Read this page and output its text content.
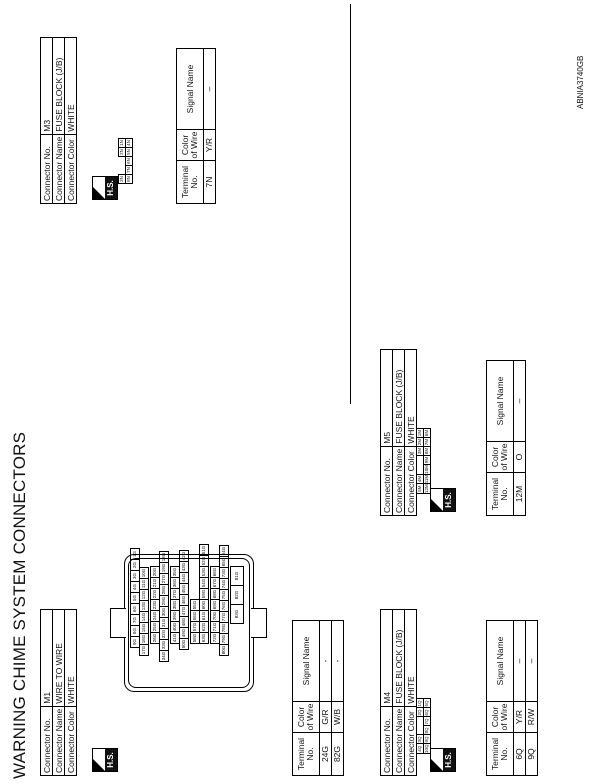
WARNING CHIME SYSTEM CONNECTORS
ABNIA3740GB
Connector No.	M1
Connector Name	WIRE TO WIRE
Connector Color	WHITE
H.S.
9G
8G
7G
6G
5G
4G
3G
2G
1G
17G
16G
15G
14G
13G
12G
11G
10G
26G
25G
24G
23G
22G
21G
20G
34G
33G
32G
31G
30G
29G
28G
27G
19G
18G
41G
40G
39G
38G
37G
36G
35G
50G
49G
48G
47G
46G
45G
44G
43G
42G
58G
57G
56G
55G
63G
62G
61G
60G
59G
54G
53G
52G
51G
72G
71G
70G
69G
68G
67G
66G
80G
79G
78G
77G
76G
75G
74G
73G
65G
64G
83G
82G
81G
Terminal No.	Color of Wire	Signal Name
24G	G/R	-
82G	W/B	-
Connector No.	M3
Connector Name	FUSE BLOCK (J/B)
Connector Color	WHITE
H.S.
3N			2N	1N
8N	7N	6N	5N	4N
Terminal No.	Color of Wire	Signal Name
7N	Y/R	–
Connector No.	M4
Connector Name	FUSE BLOCK (J/B)
Connector Color	WHITE
H.S.
4Q	3Q			2Q	1Q
10Q	9Q	8Q	7Q	6Q	5Q
Terminal No.	Color of Wire	Signal Name
6Q	Y/R	–
9Q	R/W	–
Connector No.	M5
Connector Name	FUSE BLOCK (J/B)
Connector Color	WHITE
H.S.
5M	4M			3M	2M	1M
12M	11M	10M	9M	8M	7M	6M
Terminal No.	Color of Wire	Signal Name
12M	O	–
